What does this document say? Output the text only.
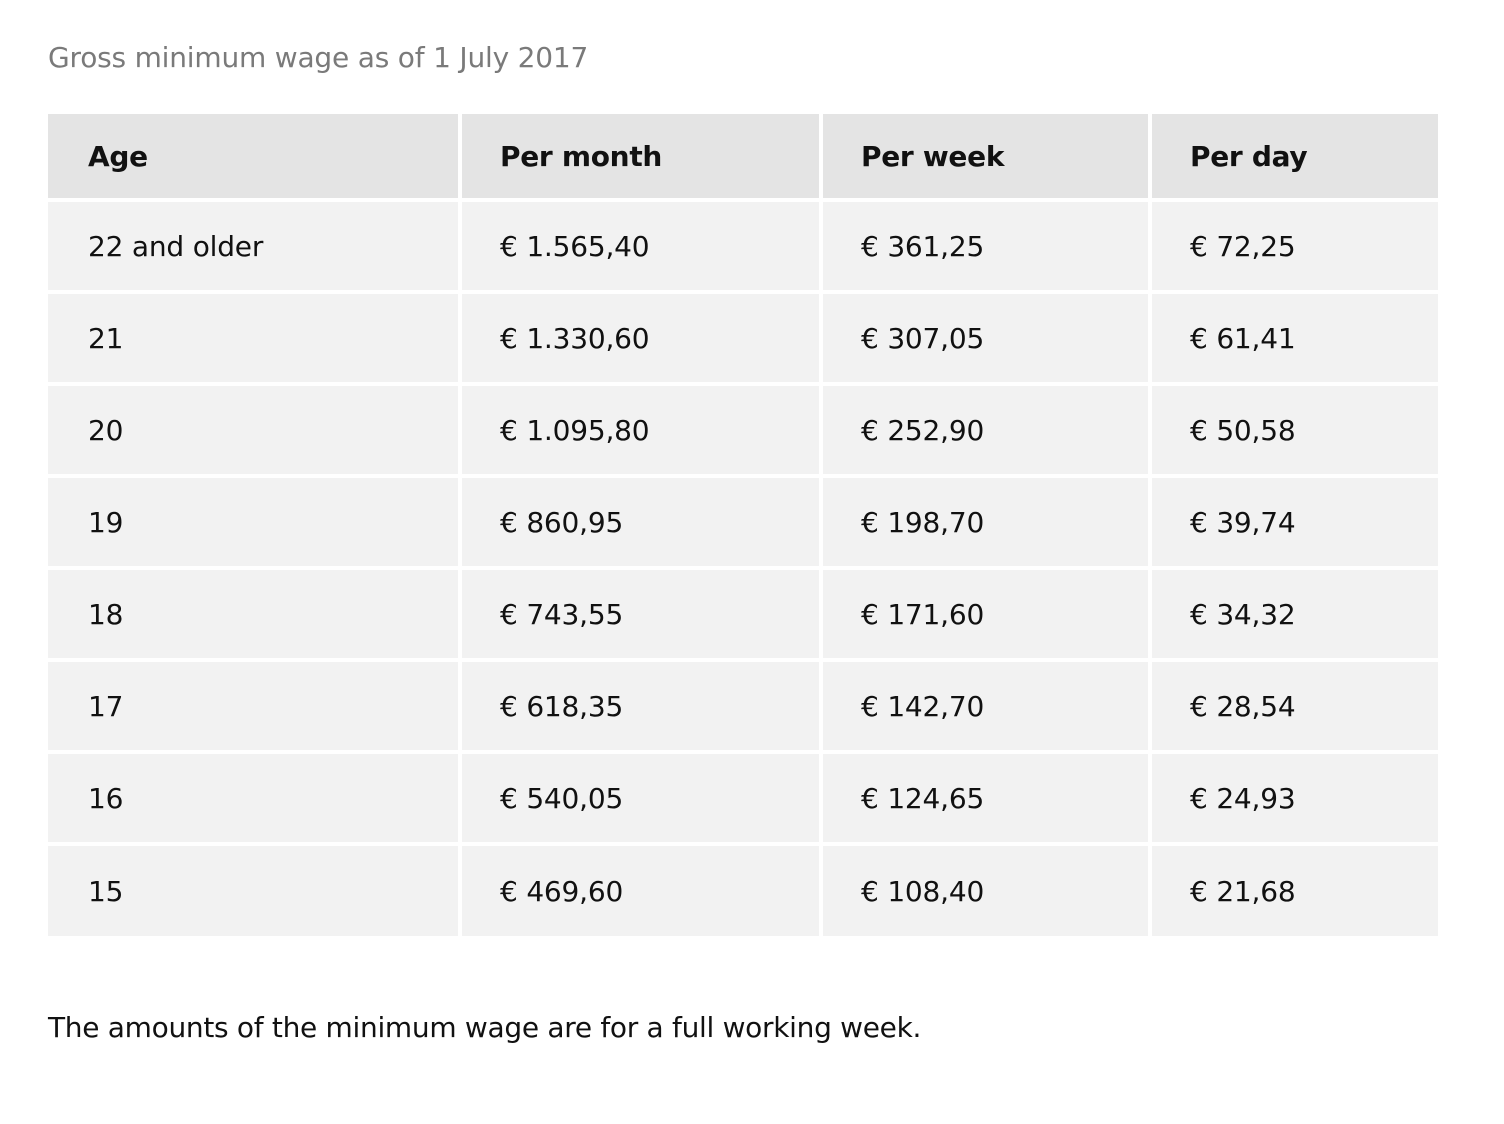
Gross minimum wage as of 1 July 2017
Age	Per month	Per week	Per day
22 and older	€ 1.565,40	€ 361,25	€ 72,25
21	€ 1.330,60	€ 307,05	€ 61,41
20	€ 1.095,80	€ 252,90	€ 50,58
19	€ 860,95	€ 198,70	€ 39,74
18	€ 743,55	€ 171,60	€ 34,32
17	€ 618,35	€ 142,70	€ 28,54
16	€ 540,05	€ 124,65	€ 24,93
15	€ 469,60	€ 108,40	€ 21,68
The amounts of the minimum wage are for a full working week.
